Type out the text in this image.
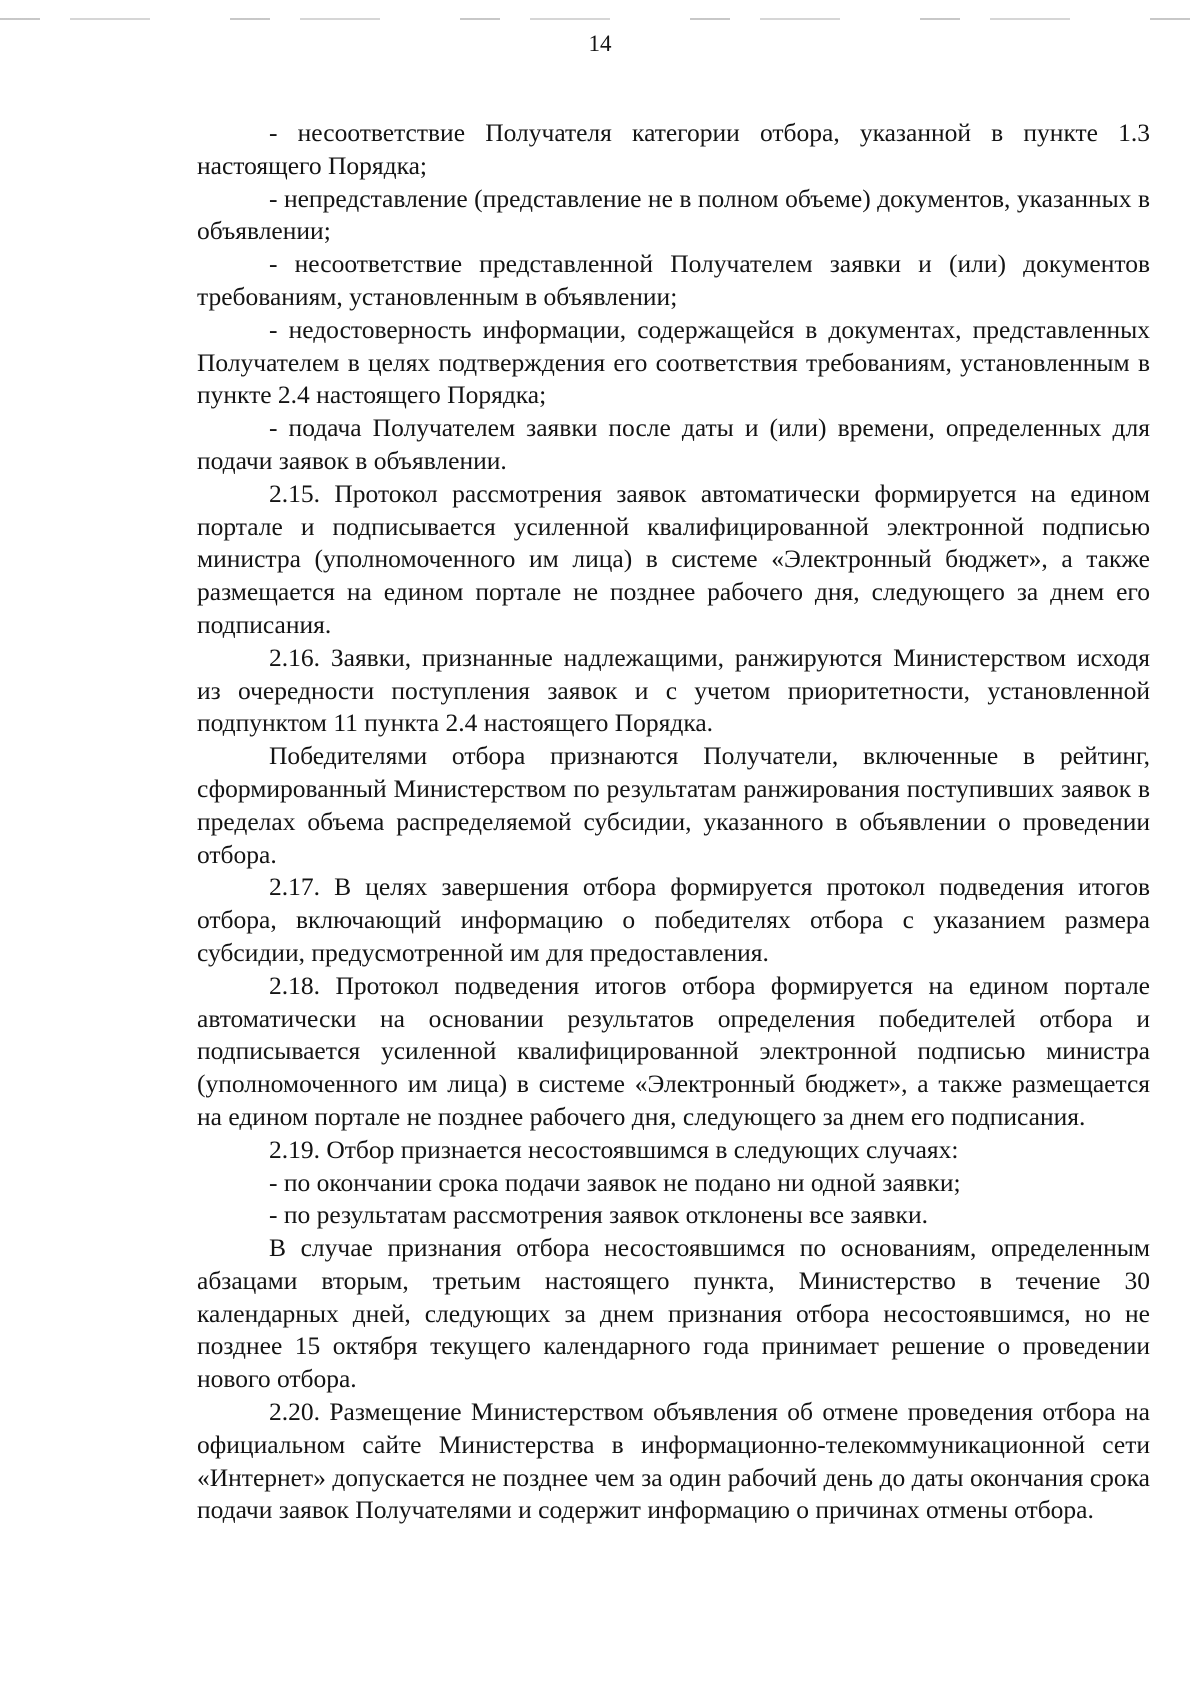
14

- несоответствие Получателя категории отбора, указанной в пункте 1.3 настоящего Порядка;

- непредставление (представление не в полном объеме) документов, указанных в объявлении;

- несоответствие представленной Получателем заявки и (или) документов требованиям, установленным в объявлении;

- недостоверность информации, содержащейся в документах, представленных Получателем в целях подтверждения его соответствия требованиям, установленным в пункте 2.4 настоящего Порядка;

- подача Получателем заявки после даты и (или) времени, определенных для подачи заявок в объявлении.

2.15. Протокол рассмотрения заявок автоматически формируется на едином портале и подписывается усиленной квалифицированной электронной подписью министра (уполномоченного им лица) в системе «Электронный бюджет», а также размещается на едином портале не позднее рабочего дня, следующего за днем его подписания.

2.16. Заявки, признанные надлежащими, ранжируются Министерством исходя из очередности поступления заявок и с учетом приоритетности, установленной подпунктом 11 пункта 2.4 настоящего Порядка.

Победителями отбора признаются Получатели, включенные в рейтинг, сформированный Министерством по результатам ранжирования поступивших заявок в пределах объема распределяемой субсидии, указанного в объявлении о проведении отбора.

2.17. В целях завершения отбора формируется протокол подведения итогов отбора, включающий информацию о победителях отбора с указанием размера субсидии, предусмотренной им для предоставления.

2.18. Протокол подведения итогов отбора формируется на едином портале автоматически на основании результатов определения победителей отбора и подписывается усиленной квалифицированной электронной подписью министра (уполномоченного им лица) в системе «Электронный бюджет», а также размещается на едином портале не позднее рабочего дня, следующего за днем его подписания.

2.19. Отбор признается несостоявшимся в следующих случаях:

- по окончании срока подачи заявок не подано ни одной заявки;

- по результатам рассмотрения заявок отклонены все заявки.

В случае признания отбора несостоявшимся по основаниям, определенным абзацами вторым, третьим настоящего пункта, Министерство в течение 30 календарных дней, следующих за днем признания отбора несостоявшимся, но не позднее 15 октября текущего календарного года принимает решение о проведении нового отбора.

2.20. Размещение Министерством объявления об отмене проведения отбора на официальном сайте Министерства в информационно-телекоммуникационной сети «Интернет» допускается не позднее чем за один рабочий день до даты окончания срока подачи заявок Получателями и содержит информацию о причинах отмены отбора.
